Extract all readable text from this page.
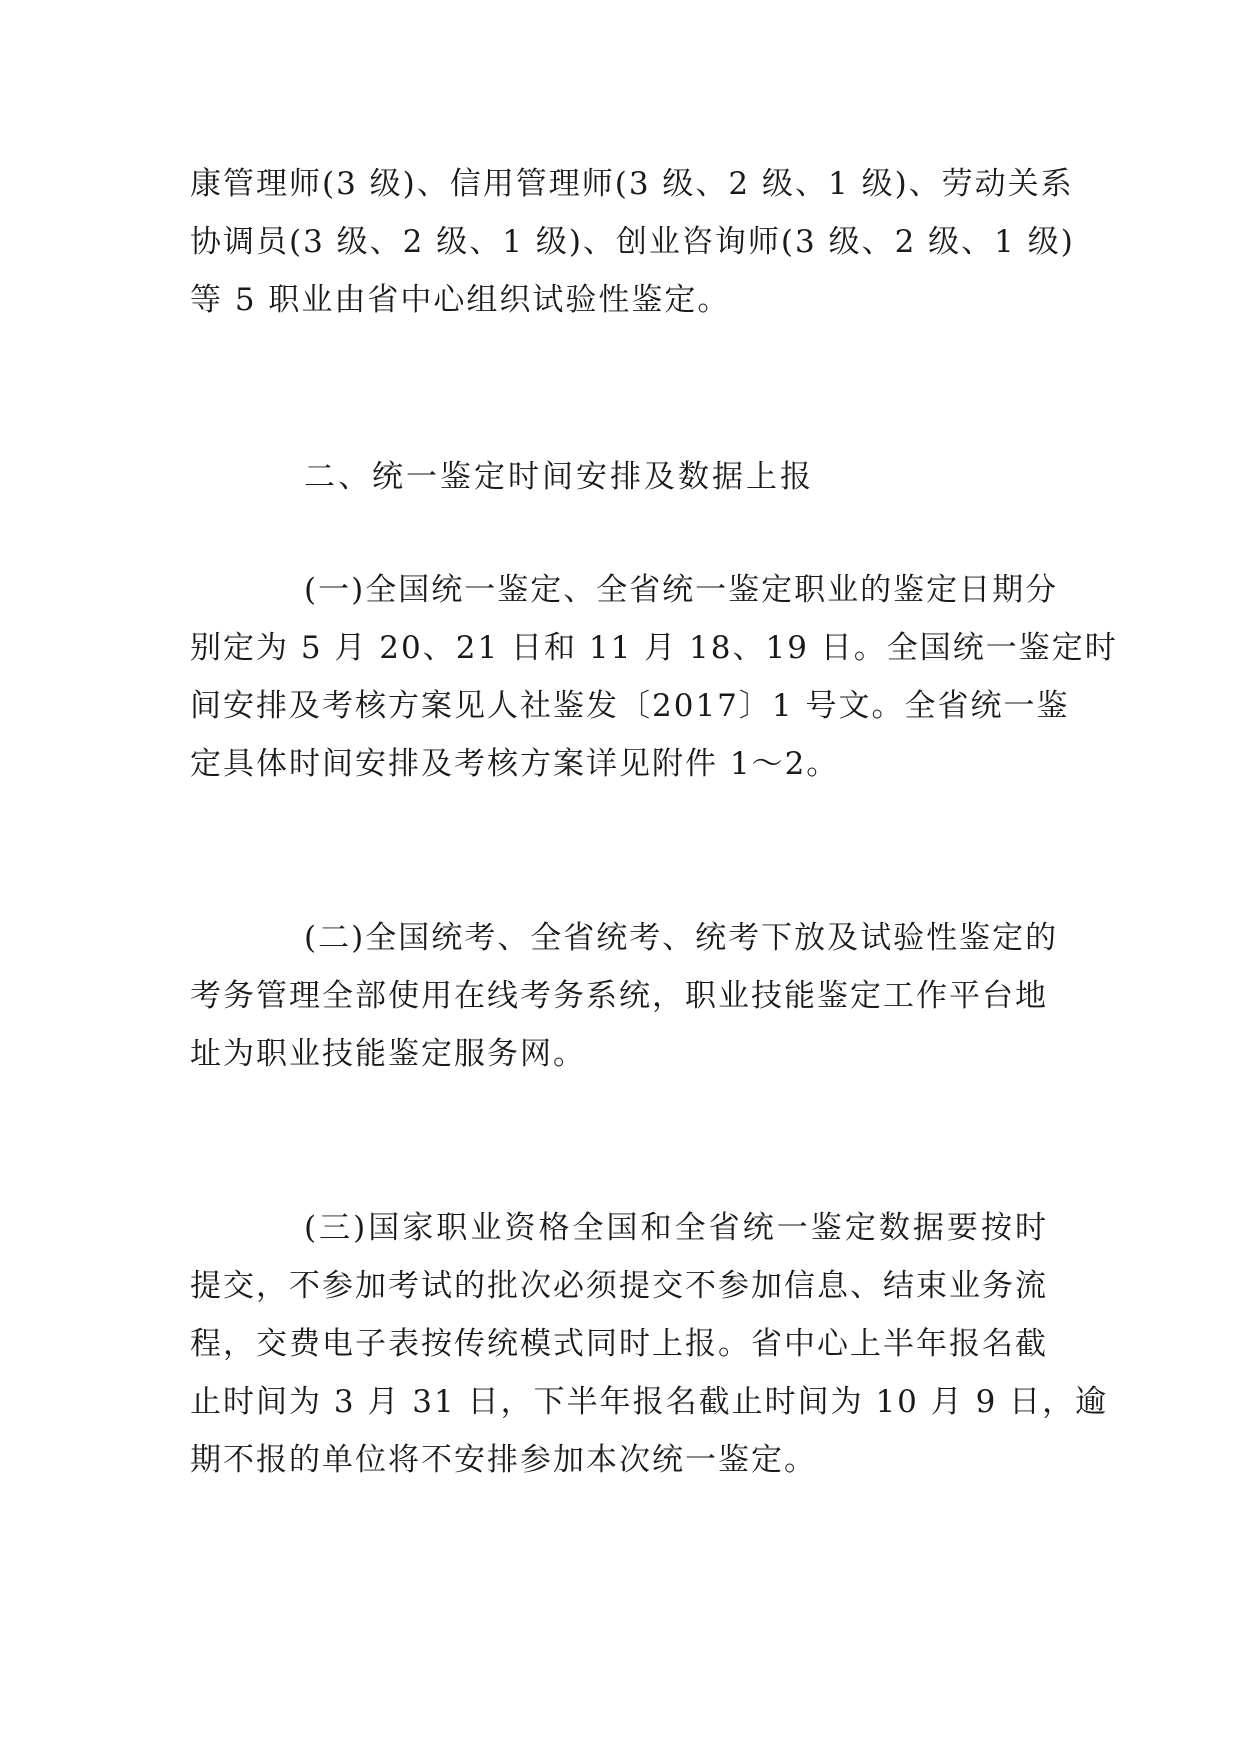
康管理师(3 级)、信用管理师(3 级、2 级、1 级)、劳动关系
协调员(3 级、2 级、1 级)、创业咨询师(3 级、2 级、1 级)
等 5 职业由省中心组织试验性鉴定。
二、统一鉴定时间安排及数据上报
(一)全国统一鉴定、全省统一鉴定职业的鉴定日期分
别定为 5 月 20、21 日和 11 月 18、19 日。全国统一鉴定时
间安排及考核方案见人社鉴发〔2017〕1 号文。全省统一鉴
定具体时间安排及考核方案详见附件 1～2。
(二)全国统考、全省统考、统考下放及试验性鉴定的
考务管理全部使用在线考务系统，职业技能鉴定工作平台地
址为职业技能鉴定服务网。
(三)国家职业资格全国和全省统一鉴定数据要按时
提交，不参加考试的批次必须提交不参加信息、结束业务流
程，交费电子表按传统模式同时上报。省中心上半年报名截
止时间为 3 月 31 日，下半年报名截止时间为 10 月 9 日，逾
期不报的单位将不安排参加本次统一鉴定。
